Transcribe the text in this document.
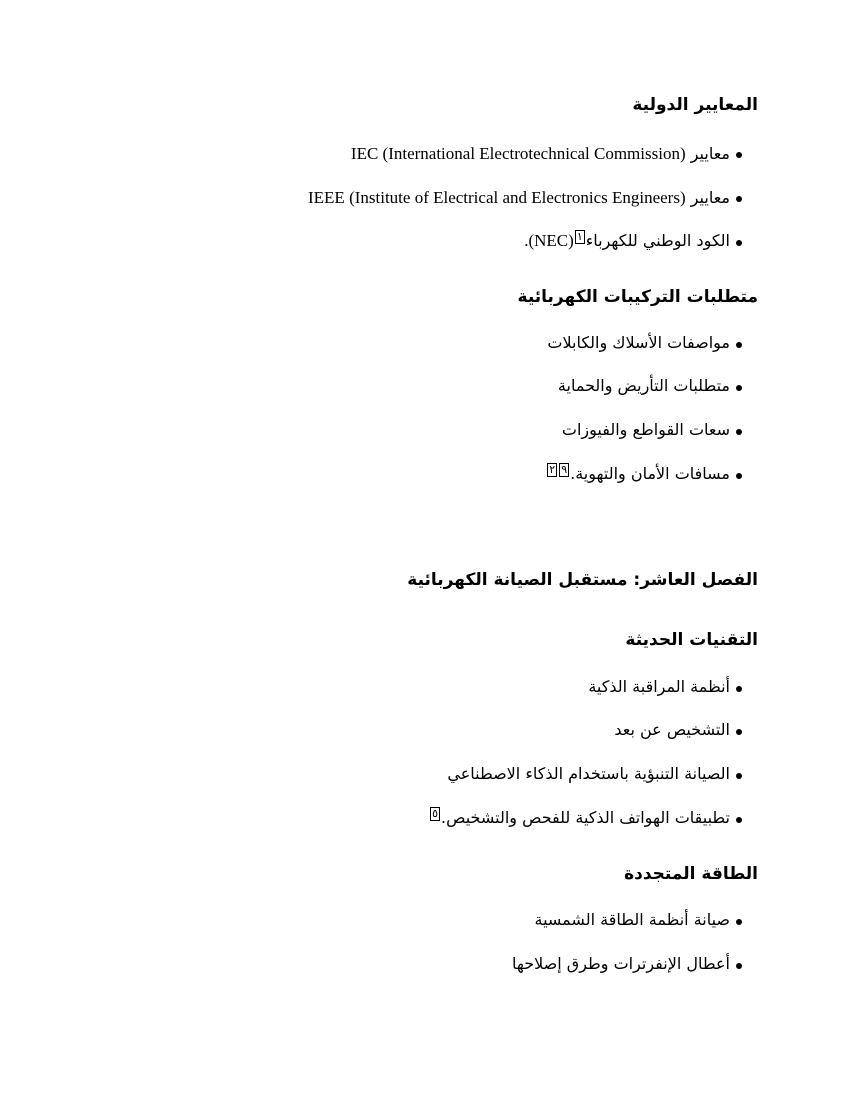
المعايير الدولية
معايير IEC (International Electrotechnical Commission)
معايير IEEE (Institute of Electrical and Electronics Engineers)
الكود الوطني للكهرباء$^١$(NEC).
متطلبات التركيبات الكهربائية
مواصفات الأسلاك والكابلات
متطلبات التأريض والحماية
سعات القواطع والفيوزات
مسافات الأمان والتهوية.$^٢$ $^٩$
الفصل العاشر: مستقبل الصيانة الكهربائية
التقنيات الحديثة
أنظمة المراقبة الذكية
التشخيص عن بعد
الصيانة التنبؤية باستخدام الذكاء الاصطناعي
تطبيقات الهواتف الذكية للفحص والتشخيص.$^٥$
الطاقة المتجددة
صيانة أنظمة الطاقة الشمسية
أعطال الإنفرترات وطرق إصلاحها
